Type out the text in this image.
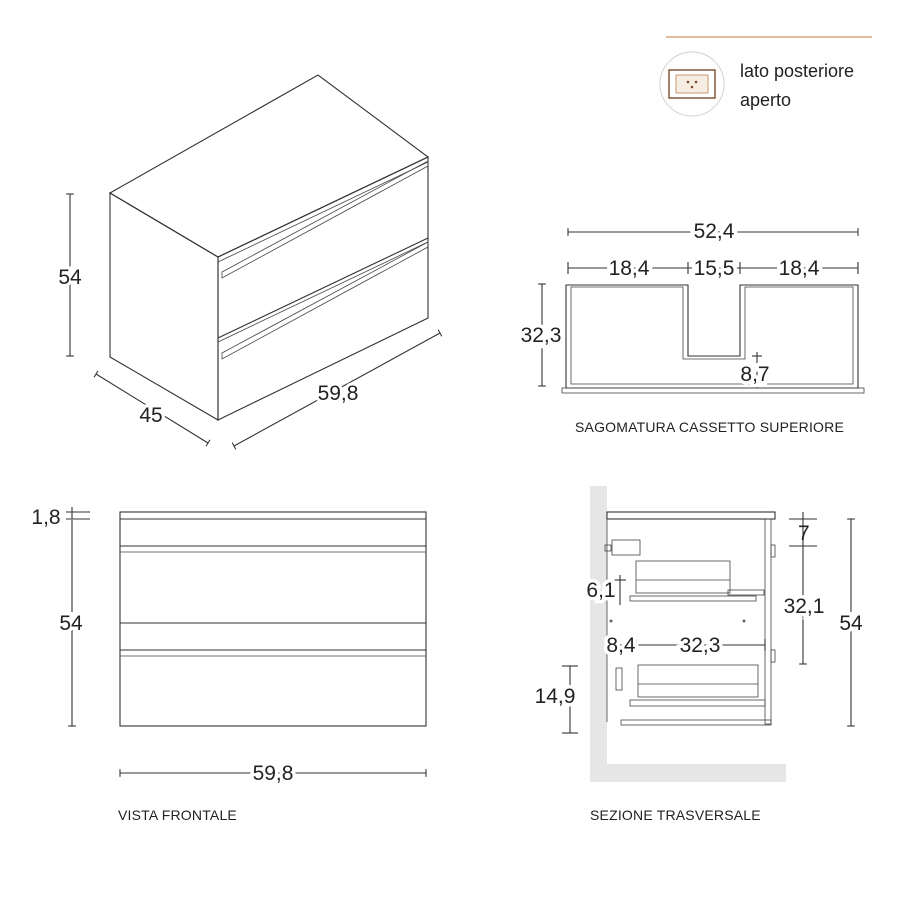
lato posteriore
aperto
54
45
59,8
52,4
18,4 15,5 18,4
32,3
8,7
SAGOMATURA CASSETTO SUPERIORE
1,8
54
59,8
VISTA FRONTALE
7
32,1
54
6,1
8,4 32,3
14,9
SEZIONE TRASVERSALE
